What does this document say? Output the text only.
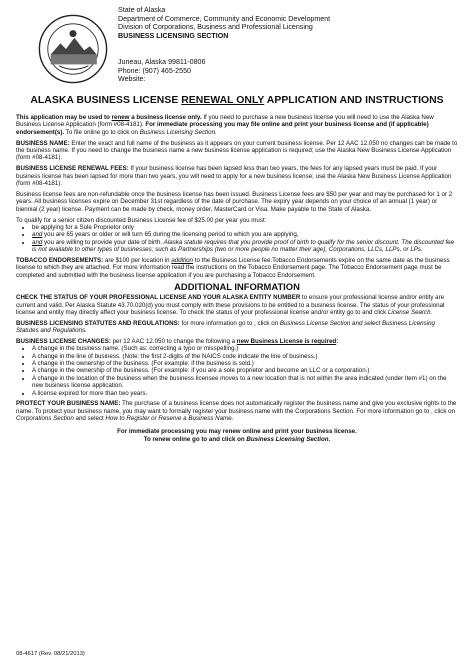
State of Alaska
Department of Commerce, Community and Economic Development
Division of Corporations, Business and Professional Licensing
BUSINESS LICENSING SECTION
Juneau, Alaska 99811-0806
Phone: (907) 465-2550
Website:
ALASKA BUSINESS LICENSE RENEWAL ONLY APPLICATION AND INSTRUCTIONS

This application may be used to renew a business license only. If you need to purchase a new business license you will need to use the Alaska New Business License Application (form #08-4181). For immediate processing you may file online and print your business license and (if applicable) endorsement(s). To file online go to click on Business Licensing Section.

BUSINESS NAME: Enter the exact and full name of the business as it appears on your current business license. Per 12 AAC 12.050 no changes can be made to the business name. If you need to change the business name a new business license application is required; use the Alaska New Business License Application (form #08-4181).

BUSINESS LICENSE RENEWAL FEES: If your business license has been lapsed less than two years, the fees for any lapsed years must be paid. If your business license has been lapsed for more than two years, you will need to apply for a new business license; use the Alaska New Business License Application (form #08-4181).

Business license fees are non-refundable once the business license has been issued. Business License fees are $50 per year and may be purchased for 1 or 2 years. All business licenses expire on December 31st regardless of the date of purchase. The expiry year depends on your choice of an annual (1 year) or biennial (2 year) license. Payment can be made by check, money order, MasterCard or Visa. Make payable to the State of Alaska.

To qualify for a senior citizen discounted Business License fee of $25.00 per year you must:
• be applying for a Sole Proprietor only
• and you are 65 years or older or will turn 65 during the licensing period to which you are applying,
• and you are willing to provide your date of birth. Alaska statute requires that you provide proof of birth to qualify for the senior discount. The discounted fee is not available to other types of businesses; such as Partnerships (two or more people no matter their age), Corporations, LLCs, LLPs, or LPs.

TOBACCO ENDORSEMENTS: are $100 per location in addition to the Business License fee.Tobacco Endorsements expire on the same date as the business license to which they are attached. For more information read the instructions on the Tobacco Endorsement page. The Tobacco Endorsement page must be completed and submitted with the business license application if you are purchasing a Tobacco Endorsement.

ADDITIONAL INFORMATION

CHECK THE STATUS OF YOUR PROFESSIONAL LICENSE AND YOUR ALASKA ENTITY NUMBER to ensure your professional license and/or entity are current and valid. Per Alaska Statute 43.70.020(d) you must comply with these provisions to be entitled to a business license. The status of your professional license and entity may directly affect your business license. To check the status of your professional license and/or entity go to and click License Search.

BUSINESS LICENSING STATUTES AND REGULATIONS: for more information go to , click on Business License Section and select Business Licensing Statutes and Regulations.

BUSINESS LICENSE CHANGES: per 12 AAC 12.050 to change the following a new Business License is required:
• A change in the business name. (Such as: correcting a typo or misspelling.)
• A change in the line of business. (Note: the first 2-digits of the NAICS code indicate the line of business.)
• A change in the ownership of the business. (For example: if the business is sold.)
• A change in the ownership of the business. (For example: if you are a sole proprietor and become an LLC or a corporation.)
• A change in the location of the business when the business licensee moves to a new location that is not within the area indicated (under Item #1) on the new business license application.
• A license expired for more than two years.

PROTECT YOUR BUSINESS NAME: The purchase of a business license does not automatically register the business name and give you exclusive rights to the name. To protect your business name, you may want to formally register your business name with the Corporations Section. For more information go to , click on Corporations Section and select How to Register or Reserve a Business Name.

For immediate processing you may renew online and print your business license.
To renew online go to and click on Business Licensing Section.
08-4617 (Rev. 08/21/2013)
